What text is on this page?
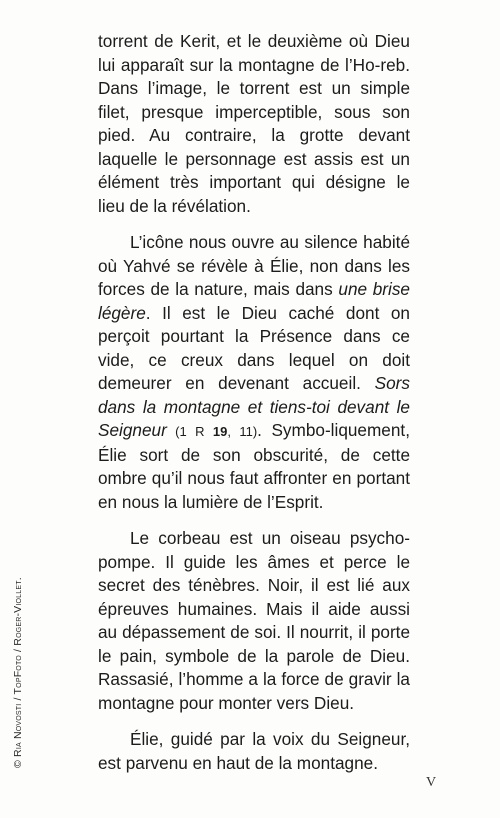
© Ria Novosti / TopFoto / Roger-Viollet.

torrent de Kerit, et le deuxième où Dieu lui apparaît sur la montagne de l’Ho-reb. Dans l’image, le torrent est un simple filet, presque imperceptible, sous son pied. Au contraire, la grotte devant laquelle le personnage est assis est un élément très important qui désigne le lieu de la révélation.

L’icône nous ouvre au silence habité où Yahvé se révèle à Élie, non dans les forces de la nature, mais dans une brise légère. Il est le Dieu caché dont on perçoit pourtant la Présence dans ce vide, ce creux dans lequel on doit demeurer en devenant accueil. Sors dans la montagne et tiens-toi devant le Seigneur (1 R 19, 11). Symbo-liquement, Élie sort de son obscurité, de cette ombre qu’il nous faut affronter en portant en nous la lumière de l’Esprit.

Le corbeau est un oiseau psycho-pompe. Il guide les âmes et perce le secret des ténèbres. Noir, il est lié aux épreuves humaines. Mais il aide aussi au dépassement de soi. Il nourrit, il porte le pain, symbole de la parole de Dieu. Rassasié, l’homme a la force de gravir la montagne pour monter vers Dieu.

Élie, guidé par la voix du Seigneur, est parvenu en haut de la montagne.

V
